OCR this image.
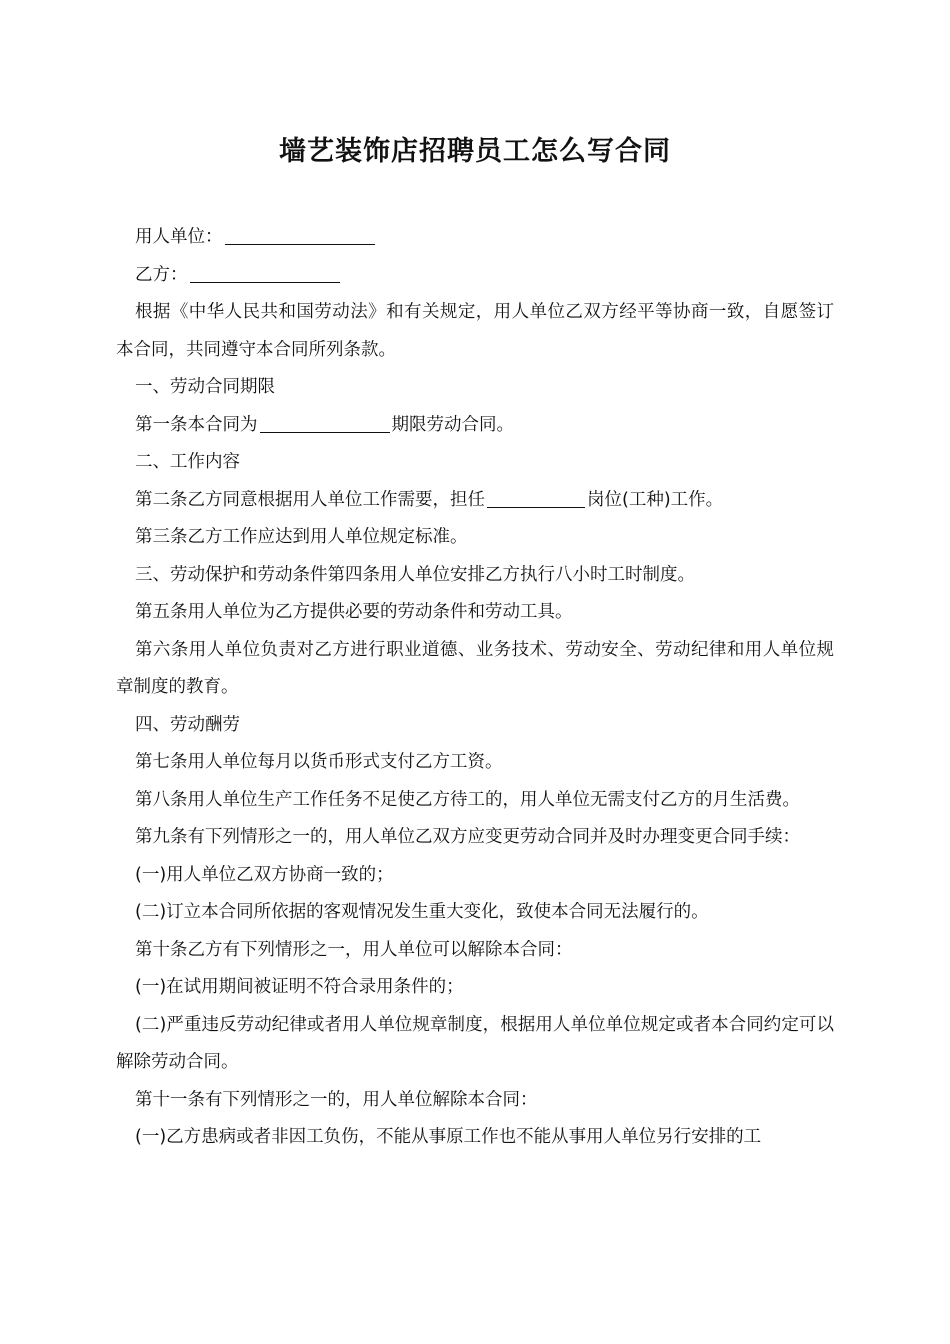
墙艺装饰店招聘员工怎么写合同

用人单位：

乙方：

根据《中华人民共和国劳动法》和有关规定，用人单位乙双方经平等协商一致，自愿签订本合同，共同遵守本合同所列条款。

一、劳动合同期限

第一条本合同为	期限劳动合同。

二、工作内容

第二条乙方同意根据用人单位工作需要，担任	岗位(工种)工作。

第三条乙方工作应达到用人单位规定标准。

三、劳动保护和劳动条件第四条用人单位安排乙方执行八小时工时制度。

第五条用人单位为乙方提供必要的劳动条件和劳动工具。

第六条用人单位负责对乙方进行职业道德、业务技术、劳动安全、劳动纪律和用人单位规章制度的教育。

四、劳动酬劳

第七条用人单位每月以货币形式支付乙方工资。

第八条用人单位生产工作任务不足使乙方待工的，用人单位无需支付乙方的月生活费。

第九条有下列情形之一的，用人单位乙双方应变更劳动合同并及时办理变更合同手续：

(一)用人单位乙双方协商一致的；

(二)订立本合同所依据的客观情况发生重大变化，致使本合同无法履行的。

第十条乙方有下列情形之一，用人单位可以解除本合同：

(一)在试用期间被证明不符合录用条件的；

(二)严重违反劳动纪律或者用人单位规章制度，根据用人单位单位规定或者本合同约定可以解除劳动合同。

第十一条有下列情形之一的，用人单位解除本合同：

(一)乙方患病或者非因工负伤，不能从事原工作也不能从事用人单位另行安排的工
